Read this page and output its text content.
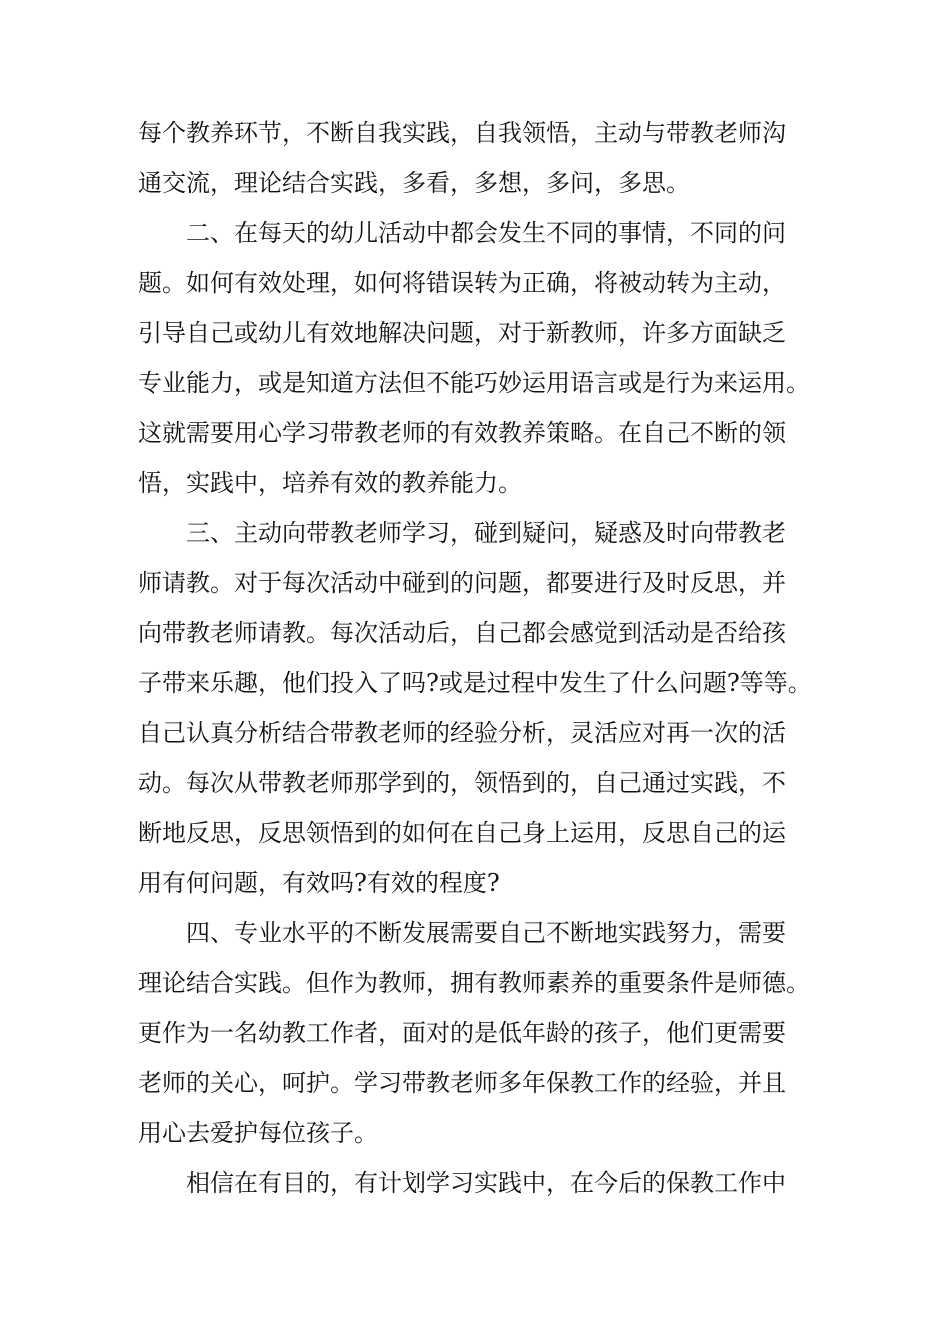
每个教养环节，不断自我实践，自我领悟，主动与带教老师沟
通交流，理论结合实践，多看，多想，多问，多思。
二、在每天的幼儿活动中都会发生不同的事情，不同的问
题。如何有效处理，如何将错误转为正确，将被动转为主动，
引导自己或幼儿有效地解决问题，对于新教师，许多方面缺乏
专业能力，或是知道方法但不能巧妙运用语言或是行为来运用。
这就需要用心学习带教老师的有效教养策略。在自己不断的领
悟，实践中，培养有效的教养能力。
三、主动向带教老师学习，碰到疑问，疑惑及时向带教老
师请教。对于每次活动中碰到的问题，都要进行及时反思，并
向带教老师请教。每次活动后，自己都会感觉到活动是否给孩
子带来乐趣，他们投入了吗?或是过程中发生了什么问题?等等。
自己认真分析结合带教老师的经验分析，灵活应对再一次的活
动。每次从带教老师那学到的，领悟到的，自己通过实践，不
断地反思，反思领悟到的如何在自己身上运用，反思自己的运
用有何问题，有效吗?有效的程度?
四、专业水平的不断发展需要自己不断地实践努力，需要
理论结合实践。但作为教师，拥有教师素养的重要条件是师德。
更作为一名幼教工作者，面对的是低年龄的孩子，他们更需要
老师的关心，呵护。学习带教老师多年保教工作的经验，并且
用心去爱护每位孩子。
相信在有目的，有计划学习实践中，在今后的保教工作中
